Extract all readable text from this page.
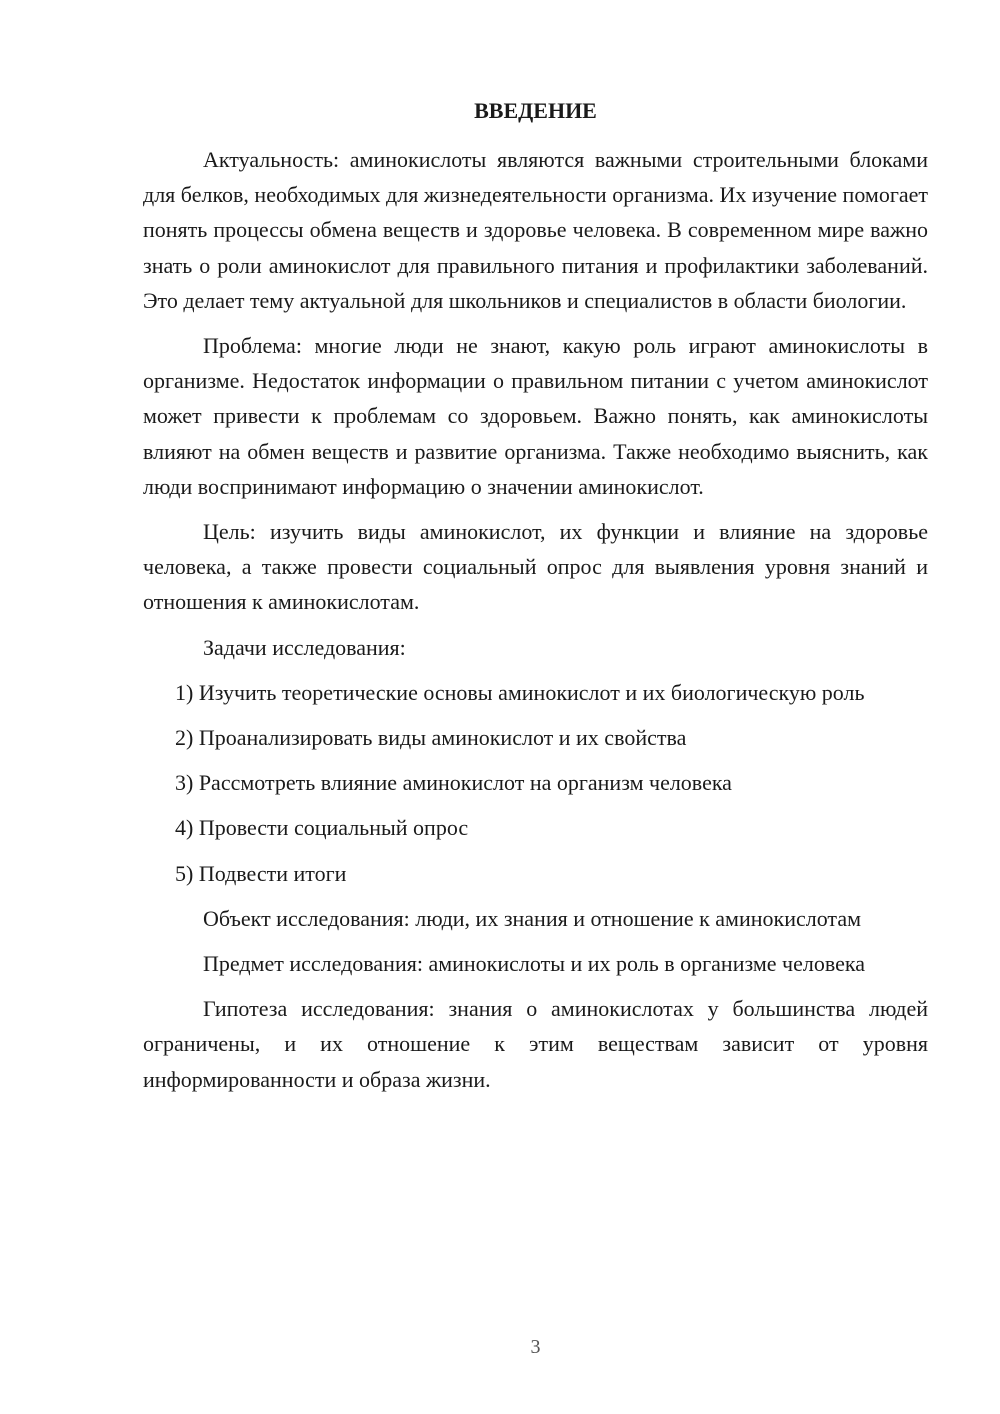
ВВЕДЕНИЕ

Актуальность: аминокислоты являются важными строительными блоками для белков, необходимых для жизнедеятельности организма. Их изучение помогает понять процессы обмена веществ и здоровье человека. В современном мире важно знать о роли аминокислот для правильного питания и профилактики заболеваний. Это делает тему актуальной для школьников и специалистов в области биологии.

Проблема: многие люди не знают, какую роль играют аминокислоты в организме. Недостаток информации о правильном питании с учетом аминокислот может привести к проблемам со здоровьем. Важно понять, как аминокислоты влияют на обмен веществ и развитие организма. Также необходимо выяснить, как люди воспринимают информацию о значении аминокислот.

Цель: изучить виды аминокислот, их функции и влияние на здоровье человека, а также провести социальный опрос для выявления уровня знаний и отношения к аминокислотам.

Задачи исследования:

1) Изучить теоретические основы аминокислот и их биологическую роль

2) Проанализировать виды аминокислот и их свойства

3) Рассмотреть влияние аминокислот на организм человека

4) Провести социальный опрос

5) Подвести итоги

Объект исследования: люди, их знания и отношение к аминокислотам

Предмет исследования: аминокислоты и их роль в организме человека

Гипотеза исследования: знания о аминокислотах у большинства людей ограничены, и их отношение к этим веществам зависит от уровня информированности и образа жизни.

3
